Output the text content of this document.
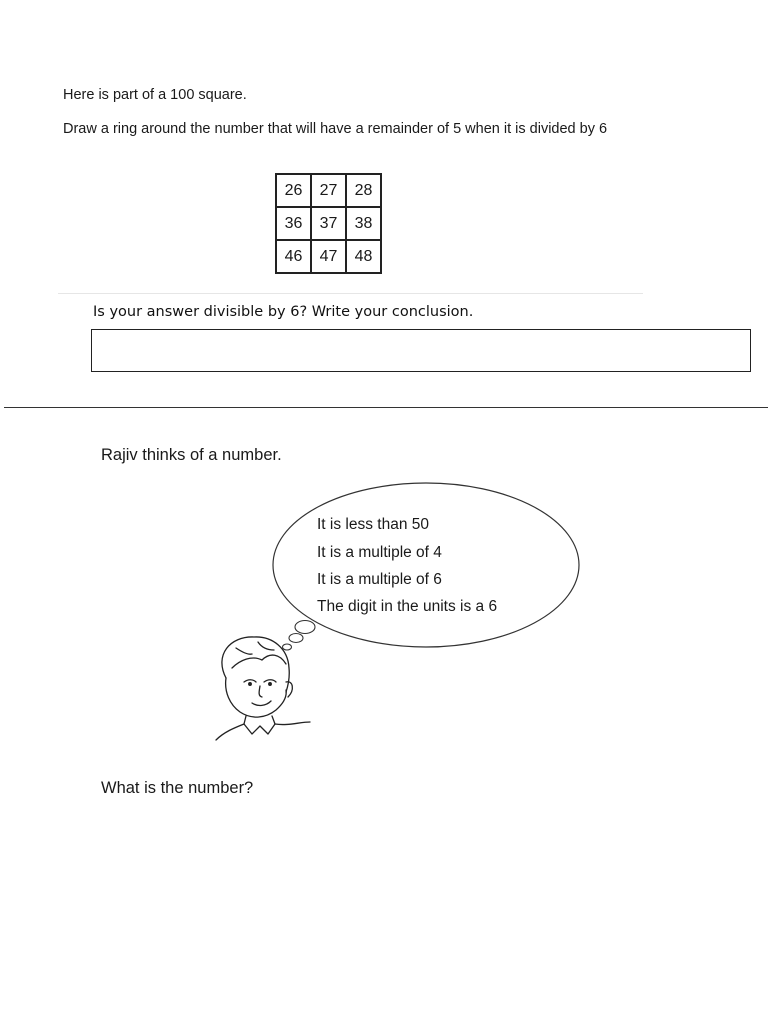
Here is part of a 100 square.
Draw a ring around the number that will have a remainder of 5 when it is divided by 6
26	27	28
36	37	38
46	47	48
Is your answer divisible by 6? Write your conclusion.
Rajiv thinks of a number.
It is less than 50
It is a multiple of 4
It is a multiple of 6
The digit in the units is a 6
What is the number?
